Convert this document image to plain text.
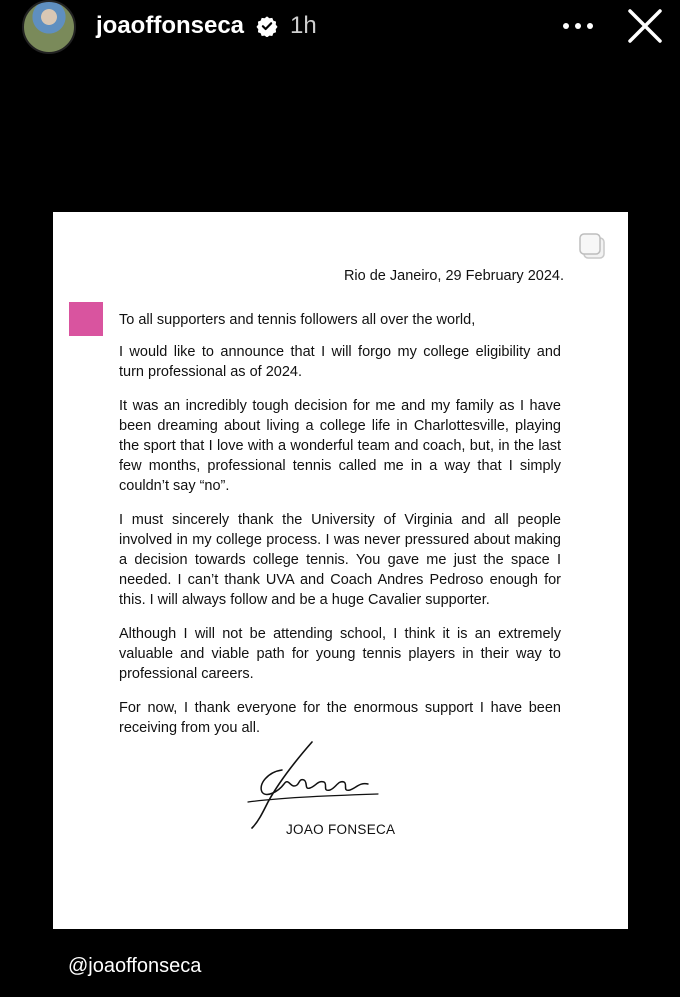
joaoffonseca 1h
Rio de Janeiro, 29 February 2024.

To all supporters and tennis followers all over the world,

I would like to announce that I will forgo my college eligibility and turn professional as of 2024.

It was an incredibly tough decision for me and my family as I have been dreaming about living a college life in Charlottesville, playing the sport that I love with a wonderful team and coach, but, in the last few months, professional tennis called me in a way that I simply couldn’t say “no”.

I must sincerely thank the University of Virginia and all people involved in my college process. I was never pressured about making a decision towards college tennis. You gave me just the space I needed. I can’t thank UVA and Coach Andres Pedroso enough for this. I will always follow and be a huge Cavalier supporter.

Although I will not be attending school, I think it is an extremely valuable and viable path for young tennis players in their way to professional careers.

For now, I thank everyone for the enormous support I have been receiving from you all.

JOAO FONSECA
@joaoffonseca
